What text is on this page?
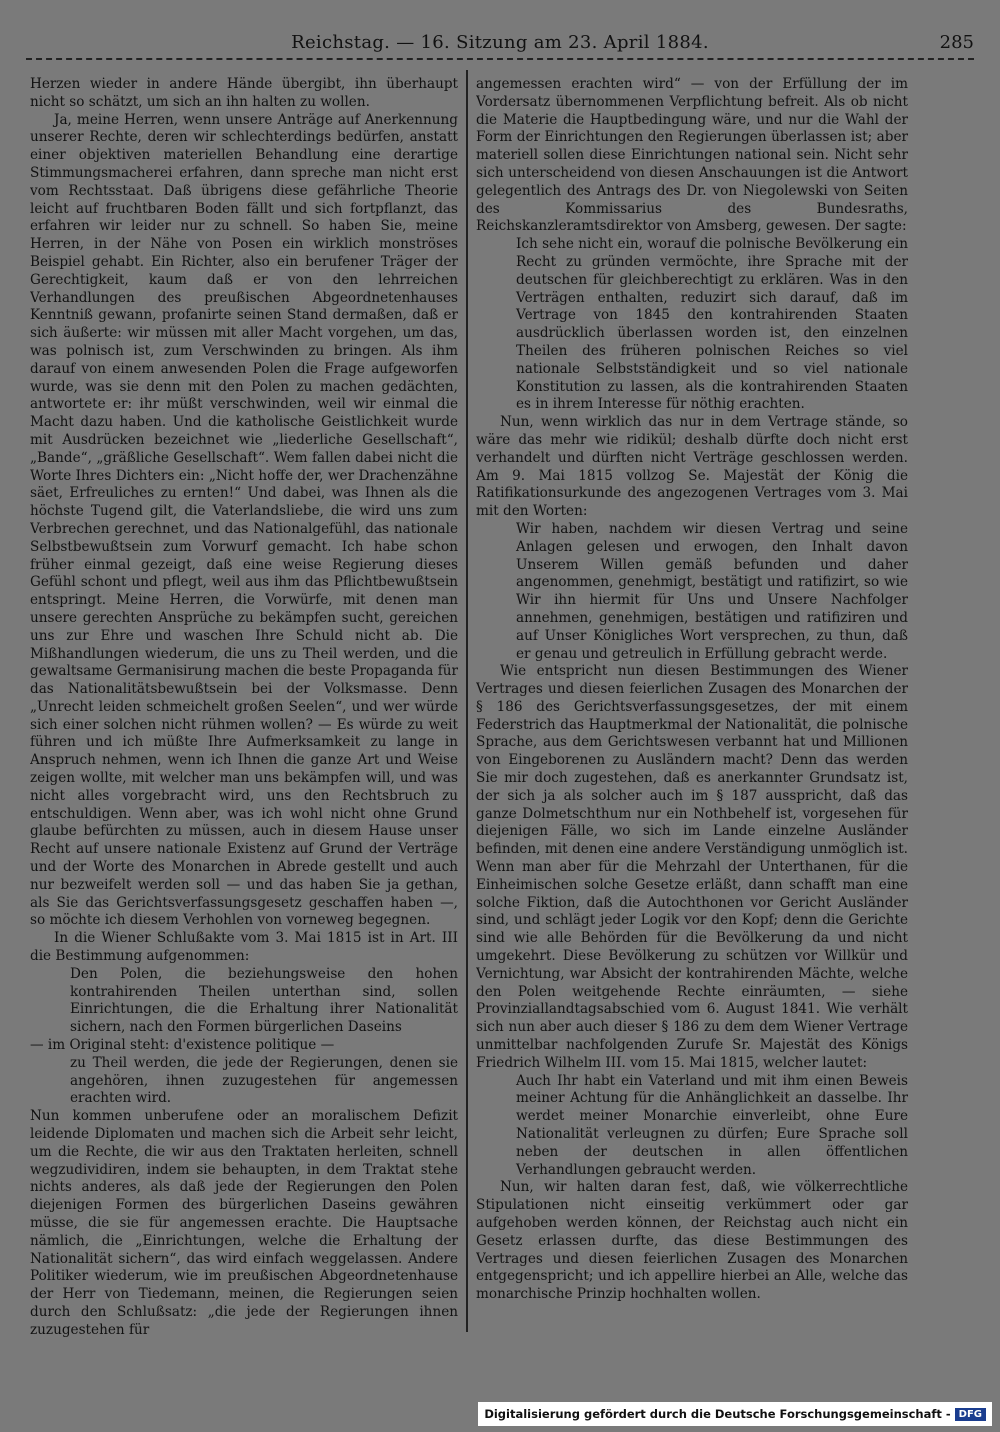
Reichstag. — 16. Sitzung am 23. April 1884.	285

Herzen wieder in andere Hände übergibt, ihn überhaupt nicht so schätzt, um sich an ihn halten zu wollen.

Ja, meine Herren, wenn unsere Anträge auf Anerkennung unserer Rechte, deren wir schlechterdings bedürfen, anstatt einer objektiven materiellen Behandlung eine derartige Stimmungsmacherei erfahren, dann spreche man nicht erst vom Rechtsstaat. Daß übrigens diese gefährliche Theorie leicht auf fruchtbaren Boden fällt und sich fortpflanzt, das erfahren wir leider nur zu schnell. So haben Sie, meine Herren, in der Nähe von Posen ein wirklich monströses Beispiel gehabt. Ein Richter, also ein berufener Träger der Gerechtigkeit, kaum daß er von den lehrreichen Verhandlungen des preußischen Abgeordnetenhauses Kenntniß gewann, profanirte seinen Stand dermaßen, daß er sich äußerte: wir müssen mit aller Macht vorgehen, um das, was polnisch ist, zum Verschwinden zu bringen. Als ihm darauf von einem anwesenden Polen die Frage aufgeworfen wurde, was sie denn mit den Polen zu machen gedächten, antwortete er: ihr müßt verschwinden, weil wir einmal die Macht dazu haben. Und die katholische Geistlichkeit wurde mit Ausdrücken bezeichnet wie „liederliche Gesellschaft“, „Bande“, „gräßliche Gesellschaft“. Wem fallen dabei nicht die Worte Ihres Dichters ein: „Nicht hoffe der, wer Drachenzähne säet, Erfreuliches zu ernten!“ Und dabei, was Ihnen als die höchste Tugend gilt, die Vaterlandsliebe, die wird uns zum Verbrechen gerechnet, und das Nationalgefühl, das nationale Selbstbewußtsein zum Vorwurf gemacht. Ich habe schon früher einmal gezeigt, daß eine weise Regierung dieses Gefühl schont und pflegt, weil aus ihm das Pflichtbewußtsein entspringt. Meine Herren, die Vorwürfe, mit denen man unsere gerechten Ansprüche zu bekämpfen sucht, gereichen uns zur Ehre und waschen Ihre Schuld nicht ab. Die Mißhandlungen wiederum, die uns zu Theil werden, und die gewaltsame Germanisirung machen die beste Propaganda für das Nationalitätsbewußtsein bei der Volksmasse. Denn „Unrecht leiden schmeichelt großen Seelen“, und wer würde sich einer solchen nicht rühmen wollen? — Es würde zu weit führen und ich müßte Ihre Aufmerksamkeit zu lange in Anspruch nehmen, wenn ich Ihnen die ganze Art und Weise zeigen wollte, mit welcher man uns bekämpfen will, und was nicht alles vorgebracht wird, uns den Rechtsbruch zu entschuldigen. Wenn aber, was ich wohl nicht ohne Grund glaube befürchten zu müssen, auch in diesem Hause unser Recht auf unsere nationale Existenz auf Grund der Verträge und der Worte des Monarchen in Abrede gestellt und auch nur bezweifelt werden soll — und das haben Sie ja gethan, als Sie das Gerichtsverfassungsgesetz geschaffen haben —, so möchte ich diesem Verhohlen von vorneweg begegnen.

In die Wiener Schlußakte vom 3. Mai 1815 ist in Art. III die Bestimmung aufgenommen:

Den Polen, die beziehungsweise den hohen kontrahirenden Theilen unterthan sind, sollen Einrichtungen, die die Erhaltung ihrer Nationalität sichern, nach den Formen bürgerlichen Daseins

— im Original steht: d'existence politique —

zu Theil werden, die jede der Regierungen, denen sie angehören, ihnen zuzugestehen für angemessen erachten wird.

Nun kommen unberufene oder an moralischem Defizit leidende Diplomaten und machen sich die Arbeit sehr leicht, um die Rechte, die wir aus den Traktaten herleiten, schnell wegzudividiren, indem sie behaupten, in dem Traktat stehe nichts anderes, als daß jede der Regierungen den Polen diejenigen Formen des bürgerlichen Daseins gewähren müsse, die sie für angemessen erachte. Die Hauptsache nämlich, die „Einrichtungen, welche die Erhaltung der Nationalität sichern“, das wird einfach weggelassen. Andere Politiker wiederum, wie im preußischen Abgeordnetenhause der Herr von Tiedemann, meinen, die Regierungen seien durch den Schlußsatz: „die jede der Regierungen ihnen zuzugestehen für

angemessen erachten wird“ — von der Erfüllung der im Vordersatz übernommenen Verpflichtung befreit. Als ob nicht die Materie die Hauptbedingung wäre, und nur die Wahl der Form der Einrichtungen den Regierungen überlassen ist; aber materiell sollen diese Einrichtungen national sein. Nicht sehr sich unterscheidend von diesen Anschauungen ist die Antwort gelegentlich des Antrags des Dr. von Niegolewski von Seiten des Kommissarius des Bundesraths, Reichskanzleramtsdirektor von Amsberg, gewesen. Der sagte:

Ich sehe nicht ein, worauf die polnische Bevölkerung ein Recht zu gründen vermöchte, ihre Sprache mit der deutschen für gleichberechtigt zu erklären. Was in den Verträgen enthalten, reduzirt sich darauf, daß im Vertrage von 1845 den kontrahirenden Staaten ausdrücklich überlassen worden ist, den einzelnen Theilen des früheren polnischen Reiches so viel nationale Selbstständigkeit und so viel nationale Konstitution zu lassen, als die kontrahirenden Staaten es in ihrem Interesse für nöthig erachten.

Nun, wenn wirklich das nur in dem Vertrage stände, so wäre das mehr wie ridikül; deshalb dürfte doch nicht erst verhandelt und dürften nicht Verträge geschlossen werden. Am 9. Mai 1815 vollzog Se. Majestät der König die Ratifikationsurkunde des angezogenen Vertrages vom 3. Mai mit den Worten:

Wir haben, nachdem wir diesen Vertrag und seine Anlagen gelesen und erwogen, den Inhalt davon Unserem Willen gemäß befunden und daher angenommen, genehmigt, bestätigt und ratifizirt, so wie Wir ihn hiermit für Uns und Unsere Nachfolger annehmen, genehmigen, bestätigen und ratifiziren und auf Unser Königliches Wort versprechen, zu thun, daß er genau und getreulich in Erfüllung gebracht werde.

Wie entspricht nun diesen Bestimmungen des Wiener Vertrages und diesen feierlichen Zusagen des Monarchen der § 186 des Gerichtsverfassungsgesetzes, der mit einem Federstrich das Hauptmerkmal der Nationalität, die polnische Sprache, aus dem Gerichtswesen verbannt hat und Millionen von Eingeborenen zu Ausländern macht? Denn das werden Sie mir doch zugestehen, daß es anerkannter Grundsatz ist, der sich ja als solcher auch im § 187 ausspricht, daß das ganze Dolmetschthum nur ein Nothbehelf ist, vorgesehen für diejenigen Fälle, wo sich im Lande einzelne Ausländer befinden, mit denen eine andere Verständigung unmöglich ist. Wenn man aber für die Mehrzahl der Unterthanen, für die Einheimischen solche Gesetze erläßt, dann schafft man eine solche Fiktion, daß die Autochthonen vor Gericht Ausländer sind, und schlägt jeder Logik vor den Kopf; denn die Gerichte sind wie alle Behörden für die Bevölkerung da und nicht umgekehrt. Diese Bevölkerung zu schützen vor Willkür und Vernichtung, war Absicht der kontrahirenden Mächte, welche den Polen weitgehende Rechte einräumten, — siehe Provinziallandtagsabschied vom 6. August 1841. Wie verhält sich nun aber auch dieser § 186 zu dem dem Wiener Vertrage unmittelbar nachfolgenden Zurufe Sr. Majestät des Königs Friedrich Wilhelm III. vom 15. Mai 1815, welcher lautet:

Auch Ihr habt ein Vaterland und mit ihm einen Beweis meiner Achtung für die Anhänglichkeit an dasselbe. Ihr werdet meiner Monarchie einverleibt, ohne Eure Nationalität verleugnen zu dürfen; Eure Sprache soll neben der deutschen in allen öffentlichen Verhandlungen gebraucht werden.

Nun, wir halten daran fest, daß, wie völkerrechtliche Stipulationen nicht einseitig verkümmert oder gar aufgehoben werden können, der Reichstag auch nicht ein Gesetz erlassen durfte, das diese Bestimmungen des Vertrages und diesen feierlichen Zusagen des Monarchen entgegenspricht; und ich appellire hierbei an Alle, welche das monarchische Prinzip hochhalten wollen.

Digitalisierung gefördert durch die Deutsche Forschungsgemeinschaft - DFG
